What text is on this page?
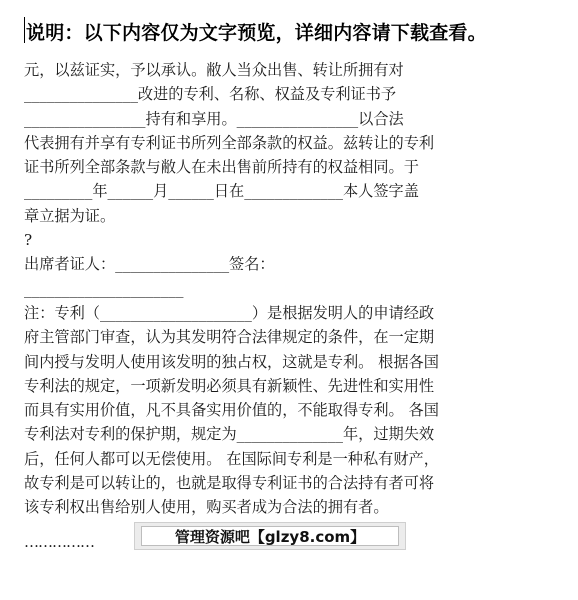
说明：以下内容仅为文字预览，详细内容请下载查看。
元，以兹证实，予以承认。敝人当众出售、转让所拥有对
_______________改进的专利、名称、权益及专利证书予
________________持有和享用。________________以合法
代表拥有并享有专利证书所列全部条款的权益。兹转让的专利
证书所列全部条款与敝人在未出售前所持有的权益相同。于
_________年______月______日在_____________本人签字盖
章立据为证。
?
出席者证人：_______________签名：
_____________________
注：专利（____________________）是根据发明人的申请经政
府主管部门审查，认为其发明符合法律规定的条件，在一定期
间内授与发明人使用该发明的独占权，这就是专利。 根据各国
专利法的规定，一项新发明必须具有新颖性、先进性和实用性
而具有实用价值，凡不具备实用价值的，不能取得专利。 各国
专利法对专利的保护期，规定为______________年，过期失效
后，任何人都可以无偿使用。 在国际间专利是一种私有财产，
故专利是可以转让的，也就是取得专利证书的合法持有者可将
该专利权出售给别人使用，购买者成为合法的拥有者。
……………	管理资源吧【glzy8.com】
